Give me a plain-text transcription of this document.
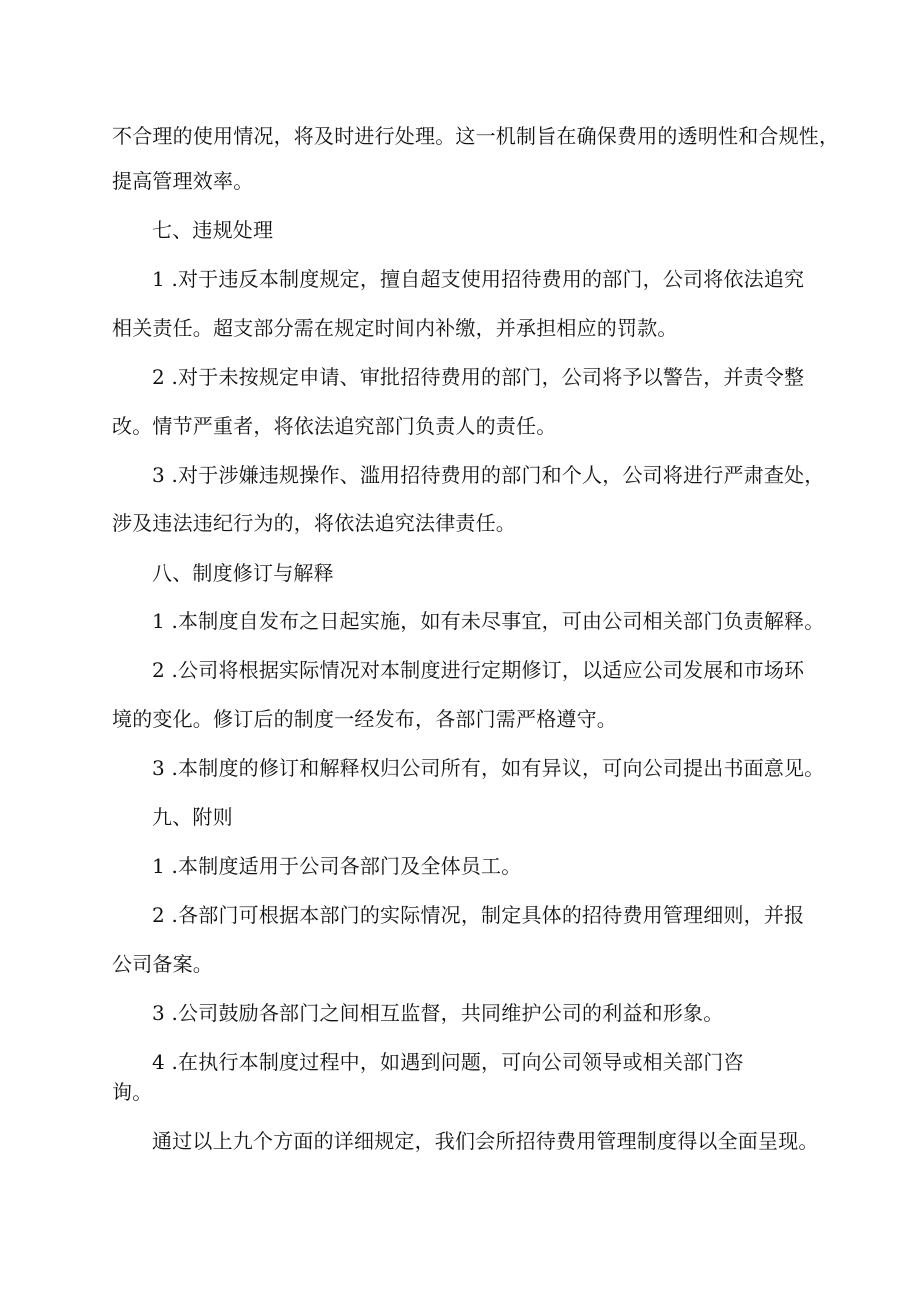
不合理的使用情况，将及时进行处理。这一机制旨在确保费用的透明性和合规性，
提高管理效率。
七、违规处理
1 .对于违反本制度规定，擅自超支使用招待费用的部门，公司将依法追究
相关责任。超支部分需在规定时间内补缴，并承担相应的罚款。
2 .对于未按规定申请、审批招待费用的部门，公司将予以警告，并责令整
改。情节严重者，将依法追究部门负责人的责任。
3 .对于涉嫌违规操作、滥用招待费用的部门和个人，公司将进行严肃查处，
涉及违法违纪行为的，将依法追究法律责任。
八、制度修订与解释
1 .本制度自发布之日起实施，如有未尽事宜，可由公司相关部门负责解释。
2 .公司将根据实际情况对本制度进行定期修订，以适应公司发展和市场环
境的变化。修订后的制度一经发布，各部门需严格遵守。
3 .本制度的修订和解释权归公司所有，如有异议，可向公司提出书面意见。
九、附则
1 .本制度适用于公司各部门及全体员工。
2 .各部门可根据本部门的实际情况，制定具体的招待费用管理细则，并报
公司备案。
3 .公司鼓励各部门之间相互监督，共同维护公司的利益和形象。
4 .在执行本制度过程中，如遇到问题，可向公司领导或相关部门咨
询。
通过以上九个方面的详细规定，我们会所招待费用管理制度得以全面呈现。
